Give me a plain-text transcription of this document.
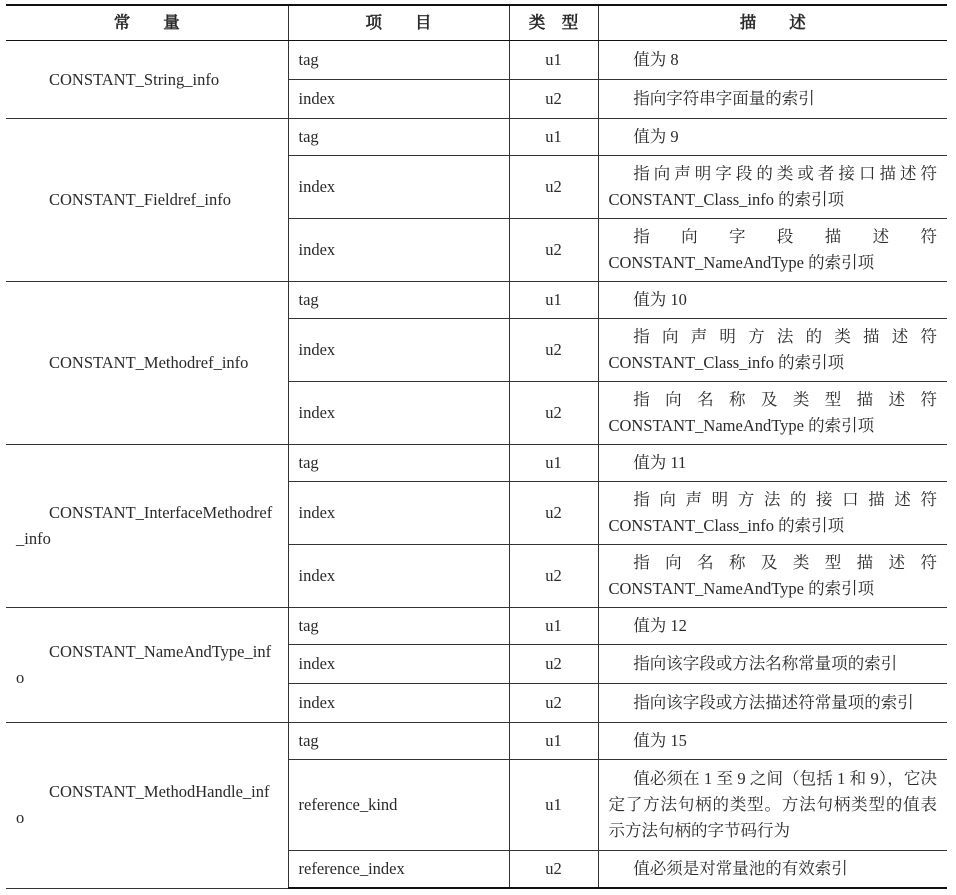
常　　量	项　　目	类　型	描　　述
CONSTANT_String_info	tag	u1	值为 8
	index	u2	指向字符串字面量的索引
CONSTANT_Fieldref_info	tag	u1	值为 9
	index	u2	指向声明字段的类或者接口描述符 CONSTANT_Class_info 的索引项
	index	u2	指向字段描述符 CONSTANT_NameAndType 的索引项
CONSTANT_Methodref_info	tag	u1	值为 10
	index	u2	指向声明方法的类描述符 CONSTANT_Class_info 的索引项
	index	u2	指向名称及类型描述符 CONSTANT_NameAndType 的索引项
CONSTANT_InterfaceMethodref_info	tag	u1	值为 11
	index	u2	指向声明方法的接口描述符 CONSTANT_Class_info 的索引项
	index	u2	指向名称及类型描述符 CONSTANT_NameAndType 的索引项
CONSTANT_NameAndType_info	tag	u1	值为 12
	index	u2	指向该字段或方法名称常量项的索引
	index	u2	指向该字段或方法描述符常量项的索引
CONSTANT_MethodHandle_info	tag	u1	值为 15
	reference_kind	u1	值必须在 1 至 9 之间（包括 1 和 9），它决定了方法句柄的类型。方法句柄类型的值表示方法句柄的字节码行为
	reference_index	u2	值必须是对常量池的有效索引
